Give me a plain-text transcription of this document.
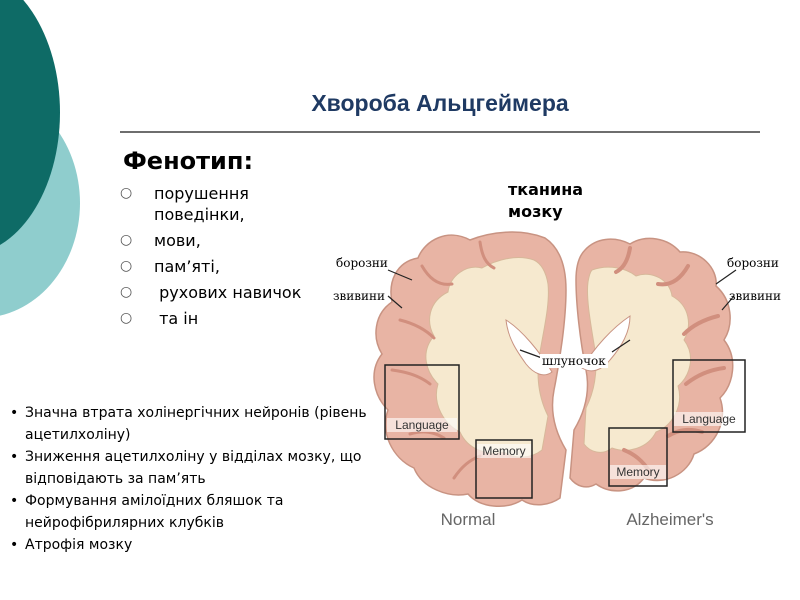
Хвороба Альцгеймера
Фенотип:
○ порушення поведінки,
○ мови,
○ пам’яті,
○ рухових навичок
○ та ін
тканина мозку
борозни
звивини
борозни
звивини
шлуночок
Language
Memory
Language
Memory
Normal	Alzheimer's
• Значна втрата холінергічних нейронів (рівень ацетилхоліну)
• Зниження ацетилхоліну у відділах мозку, що відповідають за пам’ять
• Формування амілоїдних бляшок та нейрофібрилярних клубків
• Атрофія мозку
